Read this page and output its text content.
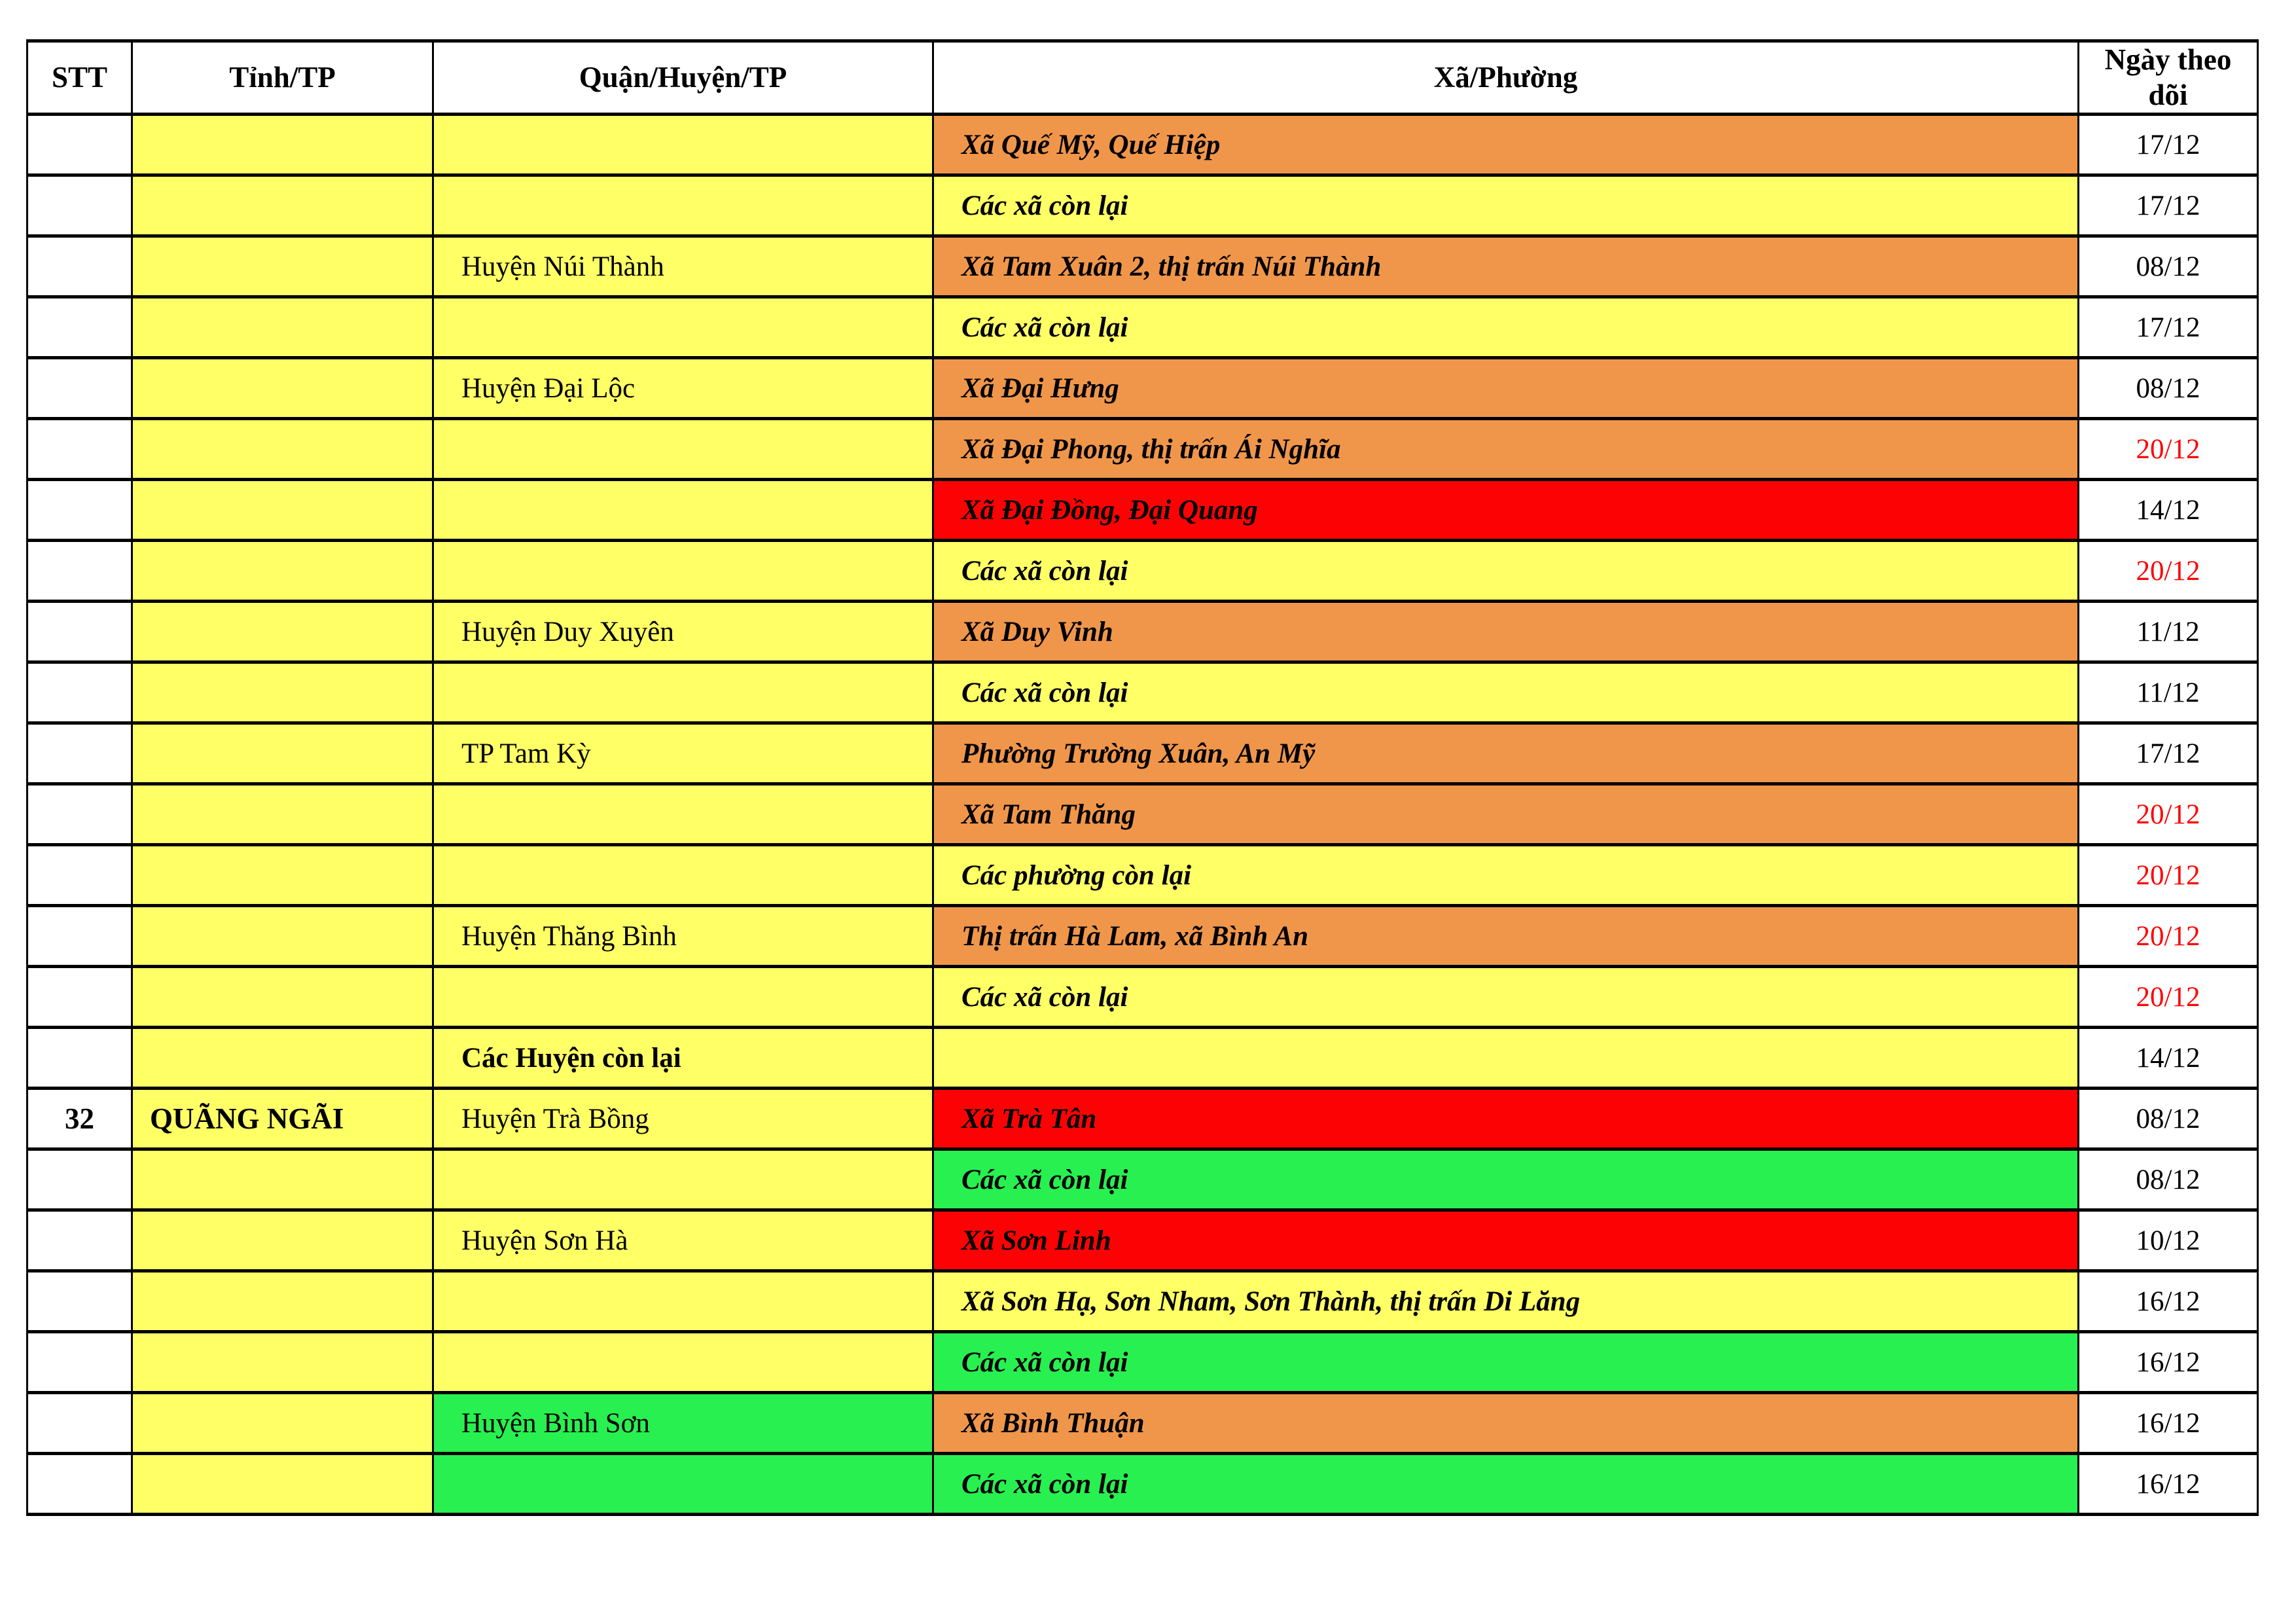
STT	Tỉnh/TP	Quận/Huyện/TP	Xã/Phường	Ngày theo dõi
			Xã Quế Mỹ, Quế Hiệp	17/12
			Các xã còn lại	17/12
		Huyện Núi Thành	Xã Tam Xuân 2, thị trấn Núi Thành	08/12
			Các xã còn lại	17/12
		Huyện Đại Lộc	Xã Đại Hưng	08/12
			Xã Đại Phong, thị trấn Ái Nghĩa	20/12
			Xã Đại Đồng, Đại Quang	14/12
			Các xã còn lại	20/12
		Huyện Duy Xuyên	Xã Duy Vinh	11/12
			Các xã còn lại	11/12
		TP Tam Kỳ	Phường Trường Xuân, An Mỹ	17/12
			Xã Tam Thăng	20/12
			Các phường còn lại	20/12
		Huyện Thăng Bình	Thị trấn Hà Lam, xã Bình An	20/12
			Các xã còn lại	20/12
		Các Huyện còn lại		14/12
32	QUÃNG NGÃI	Huyện Trà Bồng	Xã Trà Tân	08/12
			Các xã còn lại	08/12
		Huyện Sơn Hà	Xã Sơn Linh	10/12
			Xã Sơn Hạ, Sơn Nham, Sơn Thành, thị trấn Di Lăng	16/12
			Các xã còn lại	16/12
		Huyện Bình Sơn	Xã Bình Thuận	16/12
			Các xã còn lại	16/12
